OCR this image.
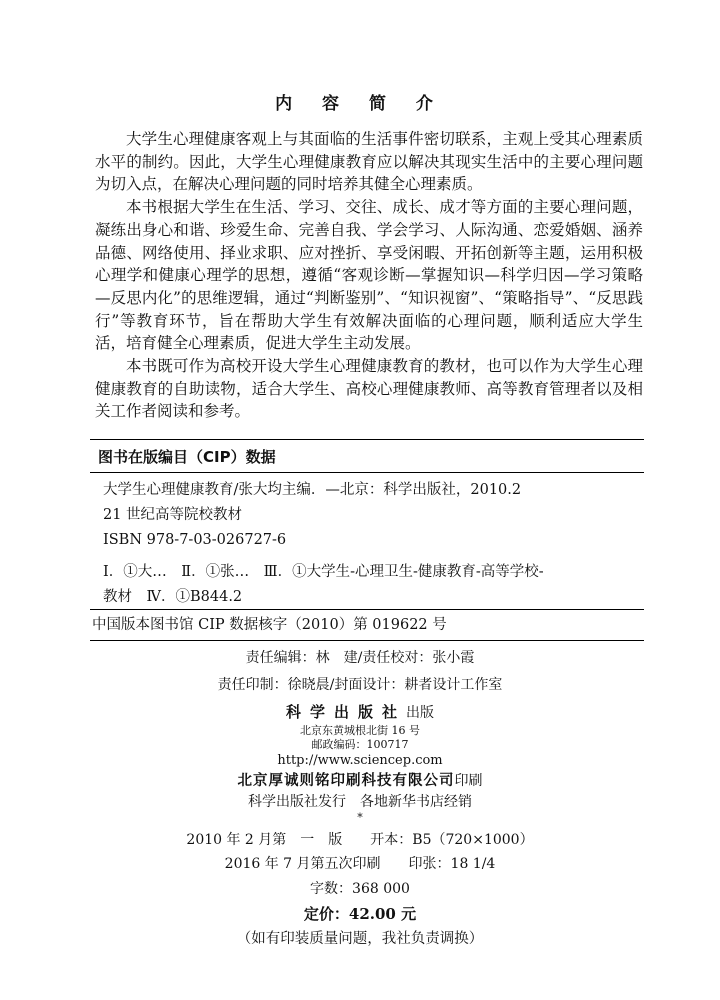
内 容 简 介

大学生心理健康客观上与其面临的生活事件密切联系，主观上受其心理素质水平的制约。因此，大学生心理健康教育应以解决其现实生活中的主要心理问题为切入点，在解决心理问题的同时培养其健全心理素质。

本书根据大学生在生活、学习、交往、成长、成才等方面的主要心理问题，凝练出身心和谐、珍爱生命、完善自我、学会学习、人际沟通、恋爱婚姻、涵养品德、网络使用、择业求职、应对挫折、享受闲暇、开拓创新等主题，运用积极心理学和健康心理学的思想，遵循“客观诊断—掌握知识—科学归因—学习策略—反思内化”的思维逻辑，通过“判断鉴别”、“知识视窗”、“策略指导”、“反思践行”等教育环节，旨在帮助大学生有效解决面临的心理问题，顺利适应大学生活，培育健全心理素质，促进大学生主动发展。

本书既可作为高校开设大学生心理健康教育的教材，也可以作为大学生心理健康教育的自助读物，适合大学生、高校心理健康教师、高等教育管理者以及相关工作者阅读和参考。

图书在版编目（CIP）数据
大学生心理健康教育/张大均主编．—北京：科学出版社，2010.2
21 世纪高等院校教材
ISBN 978-7-03-026727-6
Ⅰ．①大…　Ⅱ．①张…　Ⅲ．①大学生-心理卫生-健康教育-高等学校-
教材　Ⅳ．①B844.2
中国版本图书馆 CIP 数据核字（2010）第 019622 号
责任编辑：林　建/责任校对：张小霞
责任印制：徐晓晨/封面设计：耕者设计工作室
科学出版社出版
北京东黄城根北街 16 号
邮政编码：100717
http://www.sciencep.com
北京厚诚则铭印刷科技有限公司印刷
科学出版社发行　各地新华书店经销
*
2010 年 2 月第　一　版　　开本：B5（720×1000）
2016 年 7 月第五次印刷　　印张：18 1/4
字数：368 000
定价：42.00 元
（如有印装质量问题，我社负责调换）
